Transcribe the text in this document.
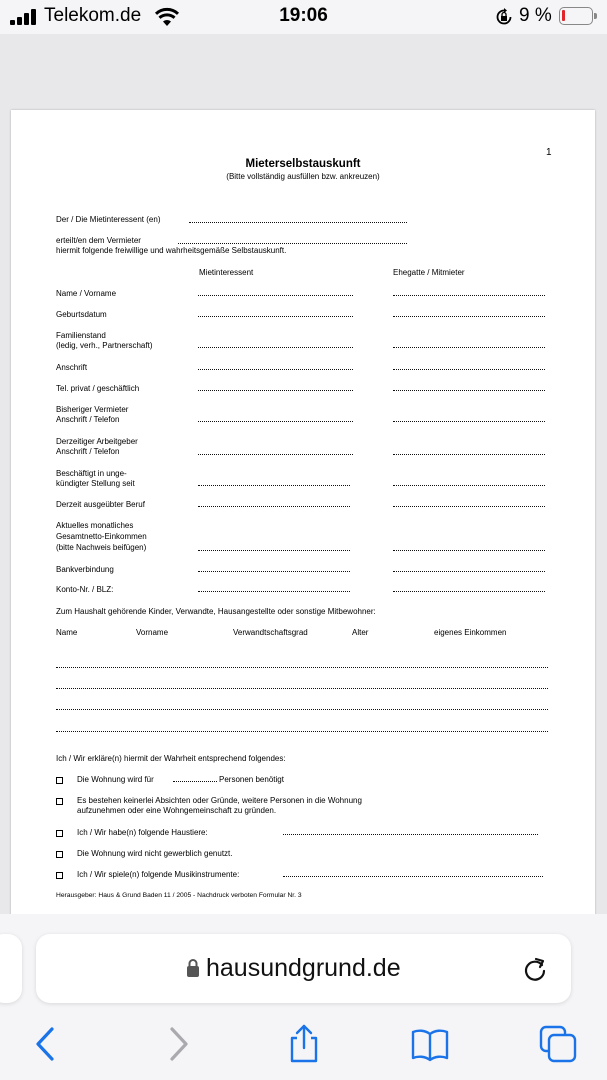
Telekom.de	19:06	9 %
1
Mieterselbstauskunft
(Bitte vollständig ausfüllen bzw. ankreuzen)
Der / Die Mietinteressent (en)
erteilt/en dem Vermieter
hiermit folgende freiwillige und wahrheitsgemäße Selbstauskunft.
Mietinteressent	Ehegatte / Mitmieter
Name / Vorname
Geburtsdatum
Familienstand
(ledig, verh., Partnerschaft)
Anschrift
Tel. privat / geschäftlich
Bisheriger Vermieter
Anschrift / Telefon
Derzeitiger Arbeitgeber
Anschrift / Telefon
Beschäftigt in unge-
kündigter Stellung seit
Derzeit ausgeübter Beruf
Aktuelles monatliches
Gesamtnetto-Einkommen
(bitte Nachweis beifügen)
Bankverbindung
Konto-Nr. / BLZ:
Zum Haushalt gehörende Kinder, Verwandte, Hausangestellte oder sonstige Mitbewohner:
Name	Vorname	Verwandtschaftsgrad	Alter	eigenes Einkommen
Ich / Wir erkläre(n) hiermit der Wahrheit entsprechend folgendes:
Die Wohnung wird für	Personen benötigt
Es bestehen keinerlei Absichten oder Gründe, weitere Personen in die Wohnung
aufzunehmen oder eine Wohngemeinschaft zu gründen.
Ich / Wir habe(n) folgende Haustiere:
Die Wohnung wird nicht gewerblich genutzt.
Ich / Wir spiele(n) folgende Musikinstrumente:
Herausgeber: Haus & Grund Baden 11 / 2005 - Nachdruck verboten Formular Nr. 3
hausundgrund.de
